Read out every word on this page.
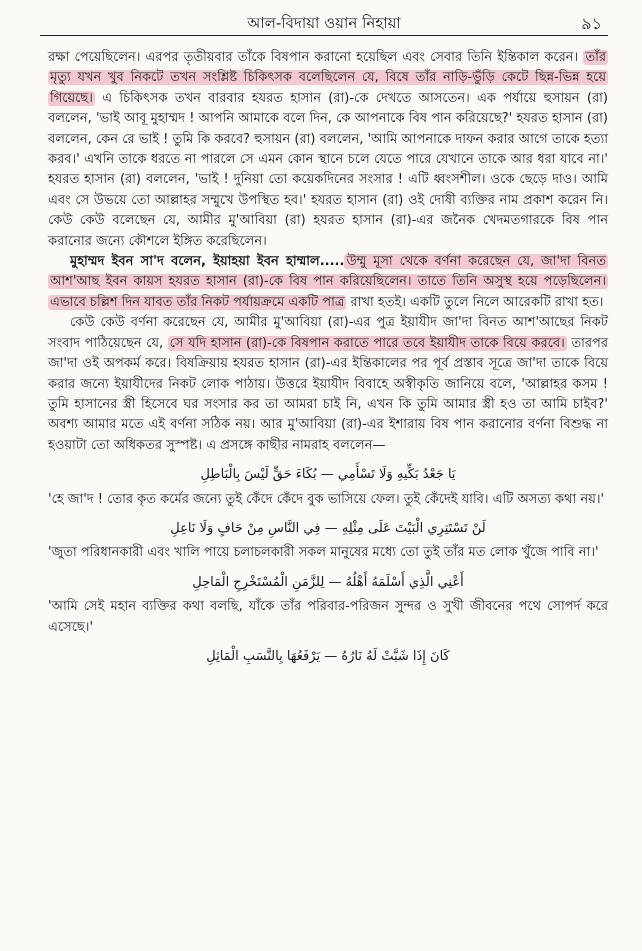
আল-বিদায়া ওয়ান নিহায়া	৯১

রক্ষা পেয়েছিলেন। এরপর তৃতীয়বার তাঁকে বিষপান করানো হয়েছিল এবং সেবার তিনি ইন্তিকাল করেন। তাঁর মৃত্যু যখন খুব নিকটে তখন সংশ্লিষ্ট চিকিৎসক বলেছিলেন যে, বিষে তাঁর নাড়ি-ভুঁড়ি কেটে ছিন্ন-ভিন্ন হয়ে গিয়েছে। এ চিকিৎসক তখন বারবার হযরত হাসান (রা)-কে দেখতে আসতেন। এক পর্যায়ে হুসায়ন (রা) বললেন, 'ভাই আবূ মুহাম্মদ ! আপনি আমাকে বলে দিন, কে আপনাকে বিষ পান করিয়েছে?' হযরত হাসান (রা) বললেন, কেন রে ভাই ! তুমি কি করবে? হুসায়ন (রা) বললেন, 'আমি আপনাকে দাফন করার আগে তাকে হত্যা করব।' এখনি তাকে ধরতে না পারলে সে এমন কোন স্থানে চলে যেতে পারে যেখানে তাকে আর ধরা যাবে না।' হযরত হাসান (রা) বললেন, 'ভাই ! দুনিয়া তো কয়েকদিনের সংসার ! এটি ধ্বংসশীল। ওকে ছেড়ে দাও। আমি এবং সে উভয়ে তো আল্লাহর সম্মুখে উপস্থিত হব।' হযরত হাসান (রা) ওই দোষী ব্যক্তির নাম প্রকাশ করেন নি। কেউ কেউ বলেছেন যে, আমীর মু'আবিয়া (রা) হযরত হাসান (রা)-এর জনৈক খেদমতগারকে বিষ পান করানোর জন্যে কৌশলে ইঙ্গিত করেছিলেন।

মুহাম্মদ ইবন সা'দ বলেন, ইয়াহয়া ইবন হাম্মাল..... উম্মু মূসা থেকে বর্ণনা করেছেন যে, জা'দা বিনত আশ'আছ ইবন কায়স হযরত হাসান (রা)-কে বিষ পান করিয়েছিলেন। তাতে তিনি অসুস্থ হয়ে পড়েছিলেন। এভাবে চল্লিশ দিন যাবত তাঁর নিকট পর্যায়ক্রমে একটি পাত্র রাখা হতই। একটি তুলে নিলে আরেকটি রাখা হত।

কেউ কেউ বর্ণনা করেছেন যে, আমীর মু'আবিয়া (রা)-এর পুত্র ইয়াযীদ জা'দা বিনত আশ'আছের নিকট সংবাদ পাঠিয়েছেন যে, সে যদি হাসান (রা)-কে বিষপান করাতে পারে তবে ইয়াযীদ তাকে বিয়ে করবে। তারপর জা'দা ওই অপকর্ম করে। বিষক্রিয়ায় হযরত হাসান (রা)-এর ইন্তিকালের পর পূর্ব প্রস্তাব সূত্রে জা'দা তাকে বিয়ে করার জন্যে ইয়াযীদের নিকট লোক পাঠায়। উত্তরে ইয়াযীদ বিবাহে অস্বীকৃতি জানিয়ে বলে, 'আল্লাহর কসম ! তুমি হাসানের স্ত্রী হিসেবে ঘর সংসার কর তা আমরা চাই নি, এখন কি তুমি আমার স্ত্রী হও তা আমি চাইব?' অবশ্য আমার মতে এই বর্ণনা সঠিক নয়। আর মু'আবিয়া (রা)-এর ইশারায় বিষ পান করানোর বর্ণনা বিশুদ্ধ না হওয়াটা তো অধিকতর সুস্পষ্ট। এ প্রসঙ্গে কাছীর নামরাহ বললেন—

يَا جَعْدُ بَكِّيهِ وَلَا تَسْأَمِي — بُكَاءَ حَقٍّ لَيْسَ بِالْبَاطِلِ

'হে জা'দ ! তোর কৃত কর্মের জন্যে তুই কেঁদে কেঁদে বুক ভাসিয়ে ফেল। তুই কেঁদেই যাবি। এটি অসত্য কথা নয়।'

لَنْ تَسْتَتِرِي الْبَيْتَ عَلَى مِثْلِهِ — فِي النَّاسِ مِنْ حَافٍ وَلَا نَاعِلِ

'জুতা পরিধানকারী এবং খালি পায়ে চলাচলকারী সকল মানুষের মধ্যে তো তুই তাঁর মত লোক খুঁজে পাবি না।'

أَعْنِي الَّذِي أَسْلَمَهُ أَهْلُهُ — لِلزَّمَنِ الْمُسْتَخْرِجِ الْمَاحِلِ

'আমি সেই মহান ব্যক্তির কথা বলছি, যাঁকে তাঁর পরিবার-পরিজন সুন্দর ও সুখী জীবনের পথে সোপর্দ করে এসেছে।'

كَانَ إِذَا شَبَّتْ لَهُ نَارُهُ — يَرْفَعُهَا بِالنَّسَبِ الْمَاثِلِ
